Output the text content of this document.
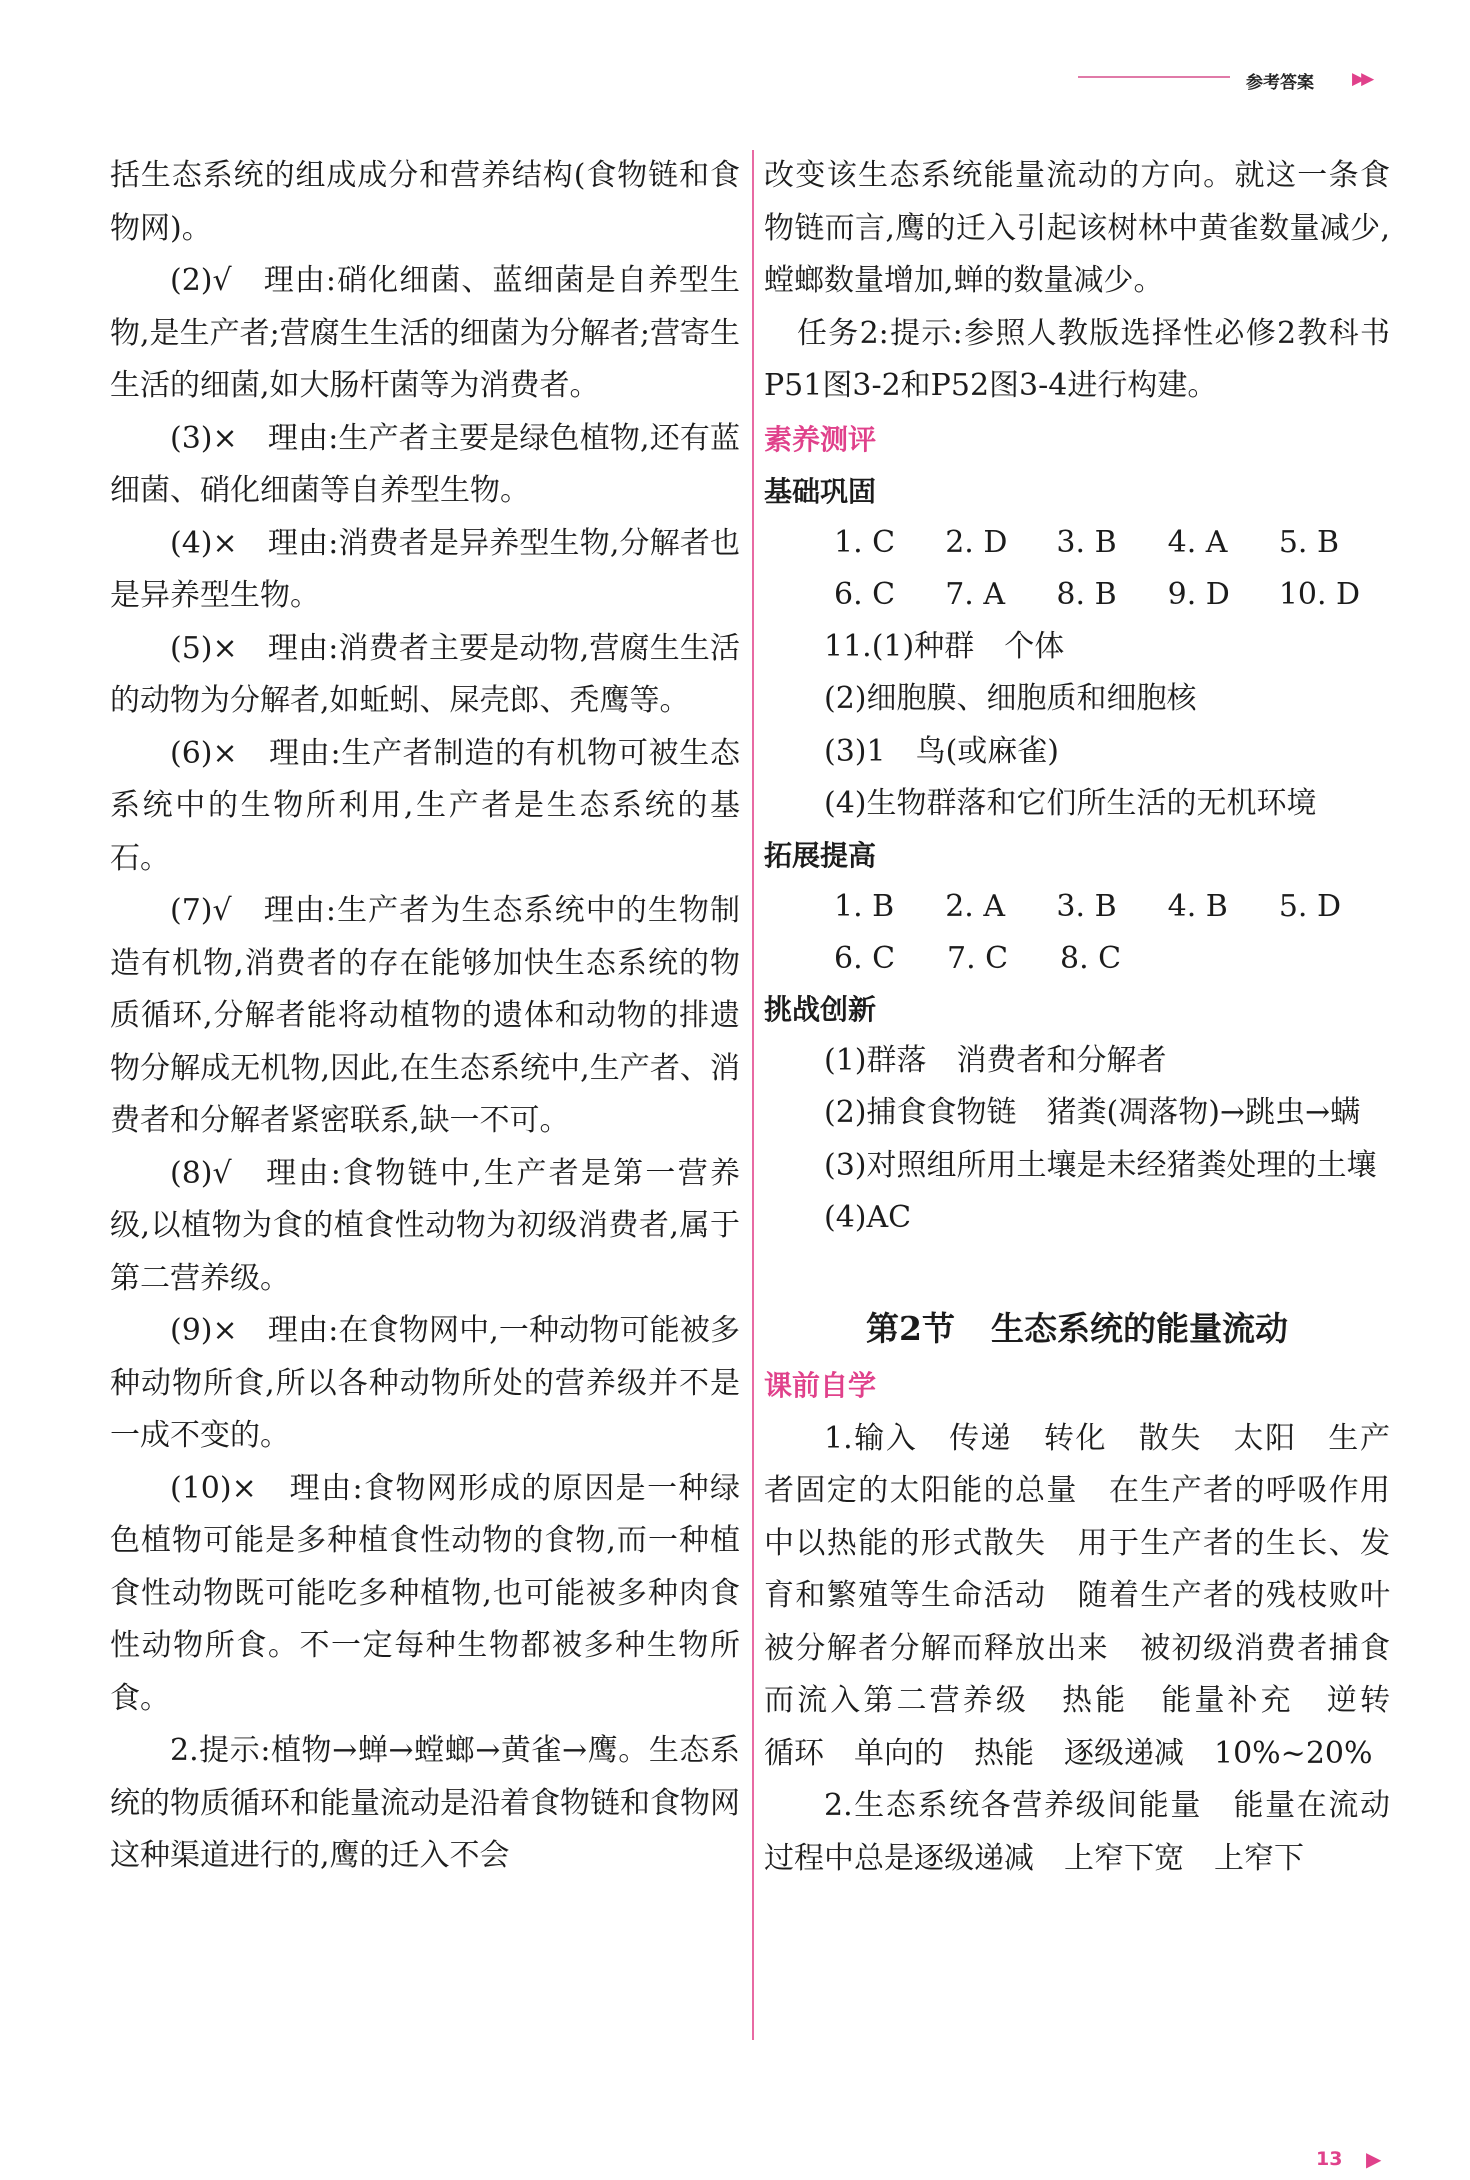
参考答案 ▶▶

括生态系统的组成成分和营养结构(食物链和食物网)。

(2)√　理由:硝化细菌、蓝细菌是自养型生物,是生产者;营腐生生活的细菌为分解者;营寄生生活的细菌,如大肠杆菌等为消费者。

(3)×　理由:生产者主要是绿色植物,还有蓝细菌、硝化细菌等自养型生物。

(4)×　理由:消费者是异养型生物,分解者也是异养型生物。

(5)×　理由:消费者主要是动物,营腐生生活的动物为分解者,如蚯蚓、屎壳郎、秃鹰等。

(6)×　理由:生产者制造的有机物可被生态系统中的生物所利用,生产者是生态系统的基石。

(7)√　理由:生产者为生态系统中的生物制造有机物,消费者的存在能够加快生态系统的物质循环,分解者能将动植物的遗体和动物的排遗物分解成无机物,因此,在生态系统中,生产者、消费者和分解者紧密联系,缺一不可。

(8)√　理由:食物链中,生产者是第一营养级,以植物为食的植食性动物为初级消费者,属于第二营养级。

(9)×　理由:在食物网中,一种动物可能被多种动物所食,所以各种动物所处的营养级并不是一成不变的。

(10)×　理由:食物网形成的原因是一种绿色植物可能是多种植食性动物的食物,而一种植食性动物既可能吃多种植物,也可能被多种肉食性动物所食。不一定每种生物都被多种生物所食。

2.提示:植物→蝉→螳螂→黄雀→鹰。生态系统的物质循环和能量流动是沿着食物链和食物网这种渠道进行的,鹰的迁入不会

改变该生态系统能量流动的方向。就这一条食物链而言,鹰的迁入引起该树林中黄雀数量减少,螳螂数量增加,蝉的数量减少。

任务2:提示:参照人教版选择性必修2教科书P51图3-2和P52图3-4进行构建。

素养测评
基础巩固
1. C	2. D	3. B	4. A	5. B
6. C	7. A	8. B	9. D	10. D

11.(1)种群　个体

(2)细胞膜、细胞质和细胞核

(3)1　鸟(或麻雀)

(4)生物群落和它们所生活的无机环境

拓展提高
1. B	2. A	3. B	4. B	5. D
6. C	7. C	8. C
挑战创新

(1)群落　消费者和分解者

(2)捕食食物链　猪粪(凋落物)→跳虫→螨

(3)对照组所用土壤是未经猪粪处理的土壤

(4)AC

第2节 生态系统的能量流动
课前自学

1.输入　传递　转化　散失　太阳　生产者固定的太阳能的总量　在生产者的呼吸作用中以热能的形式散失　用于生产者的生长、发育和繁殖等生命活动　随着生产者的残枝败叶被分解者分解而释放出来　被初级消费者捕食而流入第二营养级　热能　能量补充　逆转　循环　单向的　热能　逐级递减　10%~20%

2.生态系统各营养级间能量　能量在流动过程中总是逐级递减　上窄下宽　上窄下

13 ▶
